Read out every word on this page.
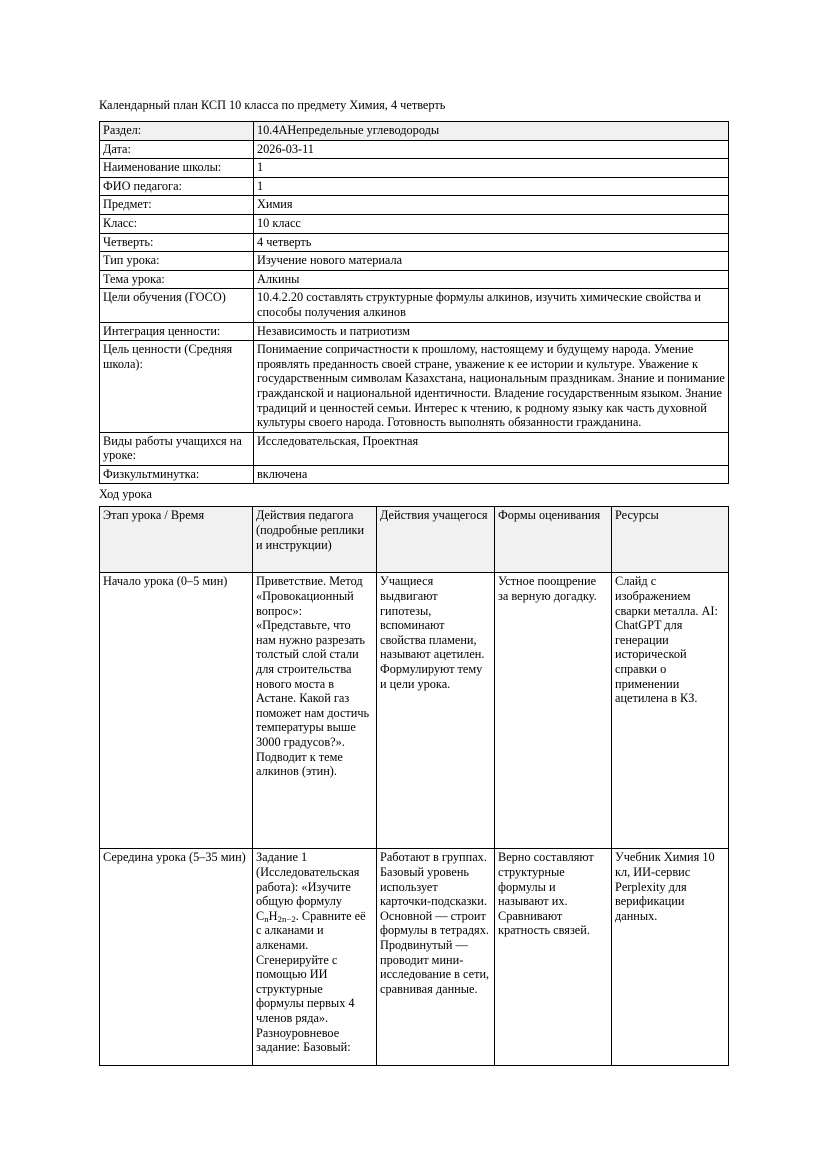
Календарный план КСП 10 класса по предмету Химия, 4 четверть

Раздел:	10.4АНепредельные углеводороды
Дата:	2026-03-11
Наименование школы:	1
ФИО педагога:	1
Предмет:	Химия
Класс:	10 класс
Четверть:	4 четверть
Тип урока:	Изучение нового материала
Тема урока:	Алкины
Цели обучения (ГОСО)	10.4.2.20 составлять структурные формулы алкинов, изучить химические свойства и способы получения алкинов
Интеграция ценности:	Независимость и патриотизм
Цель ценности (Средняя школа):	Понимаение сопричастности к прошлому, настоящему и будущему народа. Умение проявлять преданность своей стране, уважение к ее истории и культуре. Уважение к государственным символам Казахстана, национальным праздникам. Знание и понимание гражданской и национальной идентичности. Владение государственным языком. Знание традиций и ценностей семьи. Интерес к чтению, к родному языку как часть духовной культуры своего народа. Готовность выполнять обязанности гражданина.
Виды работы учащихся на уроке:	Исследовательская, Проектная
Физкультминутка:	включена

Ход урока

Этап урока / Время	Действия педагога (подробные реплики и инструкции)	Действия учащегося	Формы оценивания	Ресурсы
Начало урока (0–5 мин)	Приветствие. Метод «Провокационный вопрос»: «Представьте, что нам нужно разрезать толстый слой стали для строительства нового моста в Астане. Какой газ поможет нам достичь температуры выше 3000 градусов?». Подводит к теме алкинов (этин).	Учащиеся выдвигают гипотезы, вспоминают свойства пламени, называют ацетилен. Формулируют тему и цели урока.	Устное поощрение за верную догадку.	Слайд с изображением сварки металла. AI: ChatGPT для генерации исторической справки о применении ацетилена в КЗ.
Середина урока (5–35 мин)	Задание 1 (Исследовательская работа): «Изучите общую формулу $C_nH_{2n-2}$. Сравните её с алканами и алкенами. Сгенерируйте с помощью ИИ структурные формулы первых 4 членов ряда». Разноуровневое задание: Базовый:	Работают в группах. Базовый уровень использует карточки-подсказки. Основной — строит формулы в тетрадях. Продвинутый — проводит мини-исследование в сети, сравнивая данные.	Верно составляют структурные формулы и называют их. Сравнивают кратность связей.	Учебник Химия 10 кл, ИИ-сервис Perplexity для верификации данных.
